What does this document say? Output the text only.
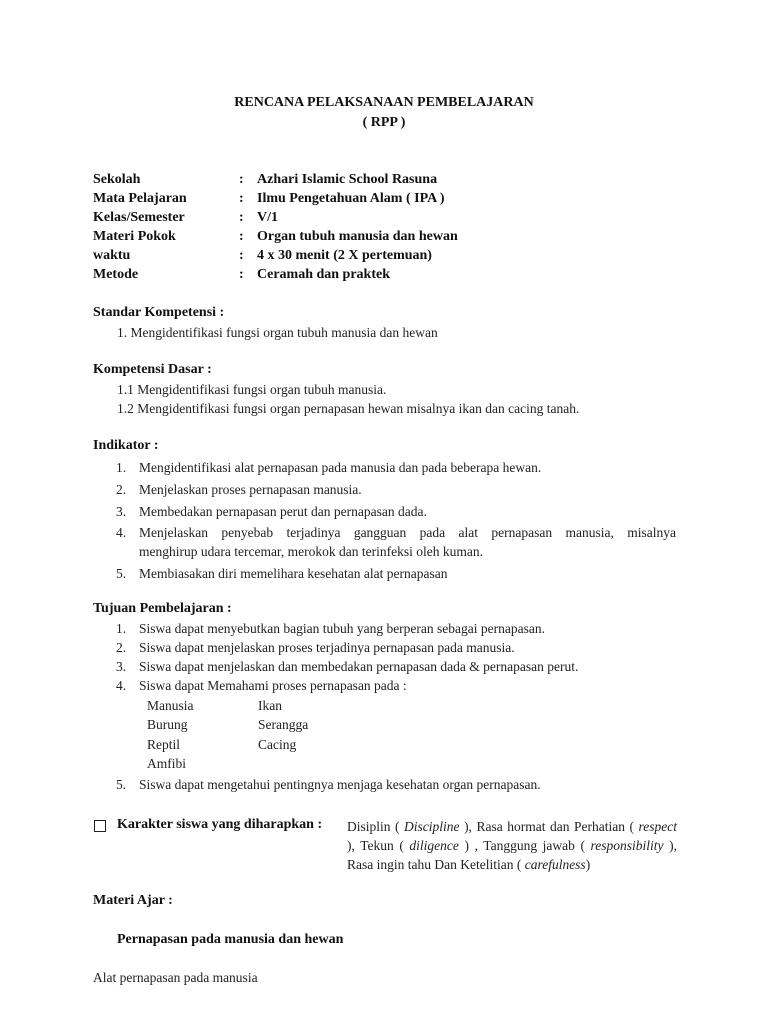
RENCANA PELAKSANAAN PEMBELAJARAN
( RPP )
Sekolah	: Azhari Islamic School Rasuna
Mata Pelajaran	: Ilmu Pengetahuan Alam ( IPA )
Kelas/Semester	: V/1
Materi Pokok	: Organ tubuh manusia dan hewan
waktu	: 4 x 30 menit (2 X pertemuan)
Metode	: Ceramah dan praktek
Standar Kompetensi :
1. Mengidentifikasi fungsi organ tubuh manusia dan hewan
Kompetensi Dasar :
1.1 Mengidentifikasi fungsi organ tubuh manusia.
1.2 Mengidentifikasi fungsi organ pernapasan hewan misalnya ikan dan cacing tanah.
Indikator :
1. Mengidentifikasi alat pernapasan pada manusia dan pada beberapa hewan.
2. Menjelaskan proses pernapasan manusia.
3. Membedakan pernapasan perut dan pernapasan dada.
4. Menjelaskan penyebab terjadinya gangguan pada alat pernapasan manusia, misalnya
menghirup udara tercemar, merokok dan terinfeksi oleh kuman.
5. Membiasakan diri memelihara kesehatan alat pernapasan
Tujuan Pembelajaran :
1. Siswa dapat menyebutkan bagian tubuh yang berperan sebagai pernapasan.
2. Siswa dapat menjelaskan proses terjadinya pernapasan pada manusia.
3. Siswa dapat menjelaskan dan membedakan pernapasan dada & pernapasan perut.
4. Siswa dapat Memahami proses pernapasan pada :
Manusia	Ikan
Burung	Serangga
Reptil	Cacing
Amfibi
5. Siswa dapat mengetahui pentingnya menjaga kesehatan organ pernapasan.
Karakter siswa yang diharapkan : Disiplin ( Discipline ), Rasa hormat dan Perhatian ( respect ), Tekun ( diligence ) , Tanggung jawab ( responsibility ), Rasa ingin tahu Dan Ketelitian ( carefulness)
Materi Ajar :
Pernapasan pada manusia dan hewan
Alat pernapasan pada manusia
